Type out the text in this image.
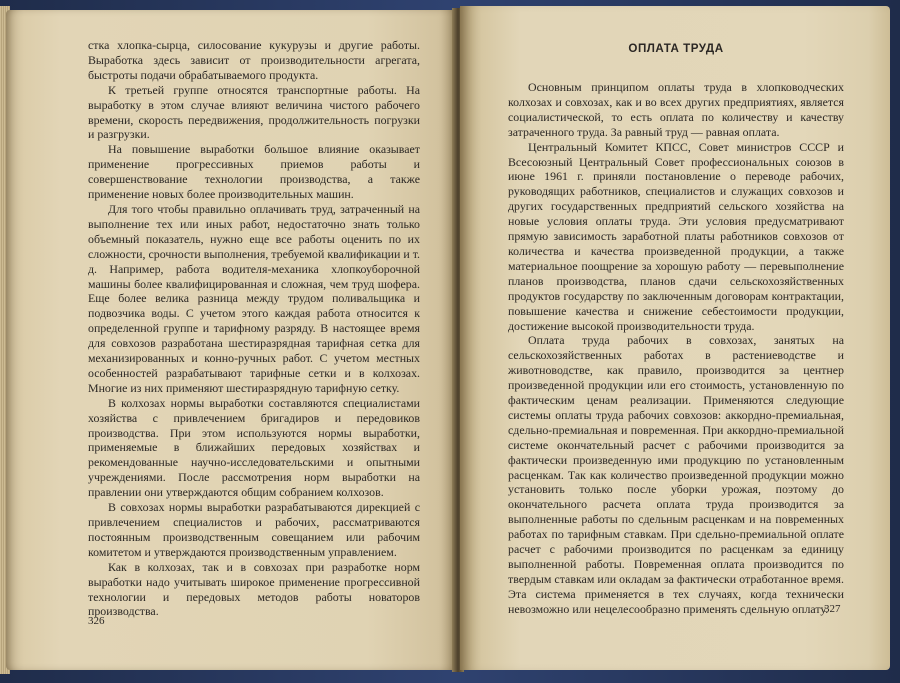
стка хлопка-сырца, силосование кукурузы и другие работы. Выработка здесь зависит от производительности агрегата, быстроты подачи обрабатываемого продукта.

К третьей группе относятся транспортные работы. На выработку в этом случае влияют величина чистого рабочего времени, скорость передвижения, продолжительность погрузки и разгрузки.

На повышение выработки большое влияние оказывает применение прогрессивных приемов работы и совершенствование технологии производства, а также применение новых более производительных машин.

Для того чтобы правильно оплачивать труд, затраченный на выполнение тех или иных работ, недостаточно знать только объемный показатель, нужно еще все работы оценить по их сложности, срочности выполнения, требуемой квалификации и т. д. Например, работа водителя-механика хлопкоуборочной машины более квалифицированная и сложная, чем труд шофера. Еще более велика разница между трудом поливальщика и подвозчика воды. С учетом этого каждая работа относится к определенной группе и тарифному разряду. В настоящее время для совхозов разработана шестиразрядная тарифная сетка для механизированных и конно-ручных работ. С учетом местных особенностей разрабатывают тарифные сетки и в колхозах. Многие из них применяют шестиразрядную тарифную сетку.

В колхозах нормы выработки составляются специалистами хозяйства с привлечением бригадиров и передовиков производства. При этом используются нормы выработки, применяемые в ближайших передовых хозяйствах и рекомендованные научно-исследовательскими и опытными учреждениями. После рассмотрения норм выработки на правлении они утверждаются общим собранием колхозов.

В совхозах нормы выработки разрабатываются дирекцией с привлечением специалистов и рабочих, рассматриваются постоянным производственным совещанием или рабочим комитетом и утверждаются производственным управлением.

Как в колхозах, так и в совхозах при разработке норм выработки надо учитывать широкое применение прогрессивной технологии и передовых методов работы новаторов производства.

326
ОПЛАТА ТРУДА

Основным принципом оплаты труда в хлопководческих колхозах и совхозах, как и во всех других предприятиях, является социалистической, то есть оплата по количеству и качеству затраченного труда. За равный труд — равная оплата.

Центральный Комитет КПСС, Совет министров СССР и Всесоюзный Центральный Совет профессиональных союзов в июне 1961 г. приняли постановление о переводе рабочих, руководящих работников, специалистов и служащих совхозов и других государственных предприятий сельского хозяйства на новые условия оплаты труда. Эти условия предусматривают прямую зависимость заработной платы работников совхозов от количества и качества произведенной продукции, а также материальное поощрение за хорошую работу — перевыполнение планов производства, планов сдачи сельскохозяйственных продуктов государству по заключенным договорам контрактации, повышение качества и снижение себестоимости продукции, достижение высокой производительности труда.

Оплата труда рабочих в совхозах, занятых на сельскохозяйственных работах в растениеводстве и животноводстве, как правило, производится за центнер произведенной продукции или его стоимость, установленную по фактическим ценам реализации. Применяются следующие системы оплаты труда рабочих совхозов: аккордно-премиальная, сдельно-премиальная и повременная. При аккордно-премиальной системе окончательный расчет с рабочими производится за фактически произведенную ими продукцию по установленным расценкам. Так как количество произведенной продукции можно установить только после уборки урожая, поэтому до окончательного расчета оплата труда производится за выполненные работы по сдельным расценкам и на повременных работах по тарифным ставкам. При сдельно-премиальной оплате расчет с рабочими производится по расценкам за единицу выполненной работы. Повременная оплата производится по твердым ставкам или окладам за фактически отработанное время. Эта система применяется в тех случаях, когда технически невозможно или нецелесообразно применять сдельную оплату.

327
